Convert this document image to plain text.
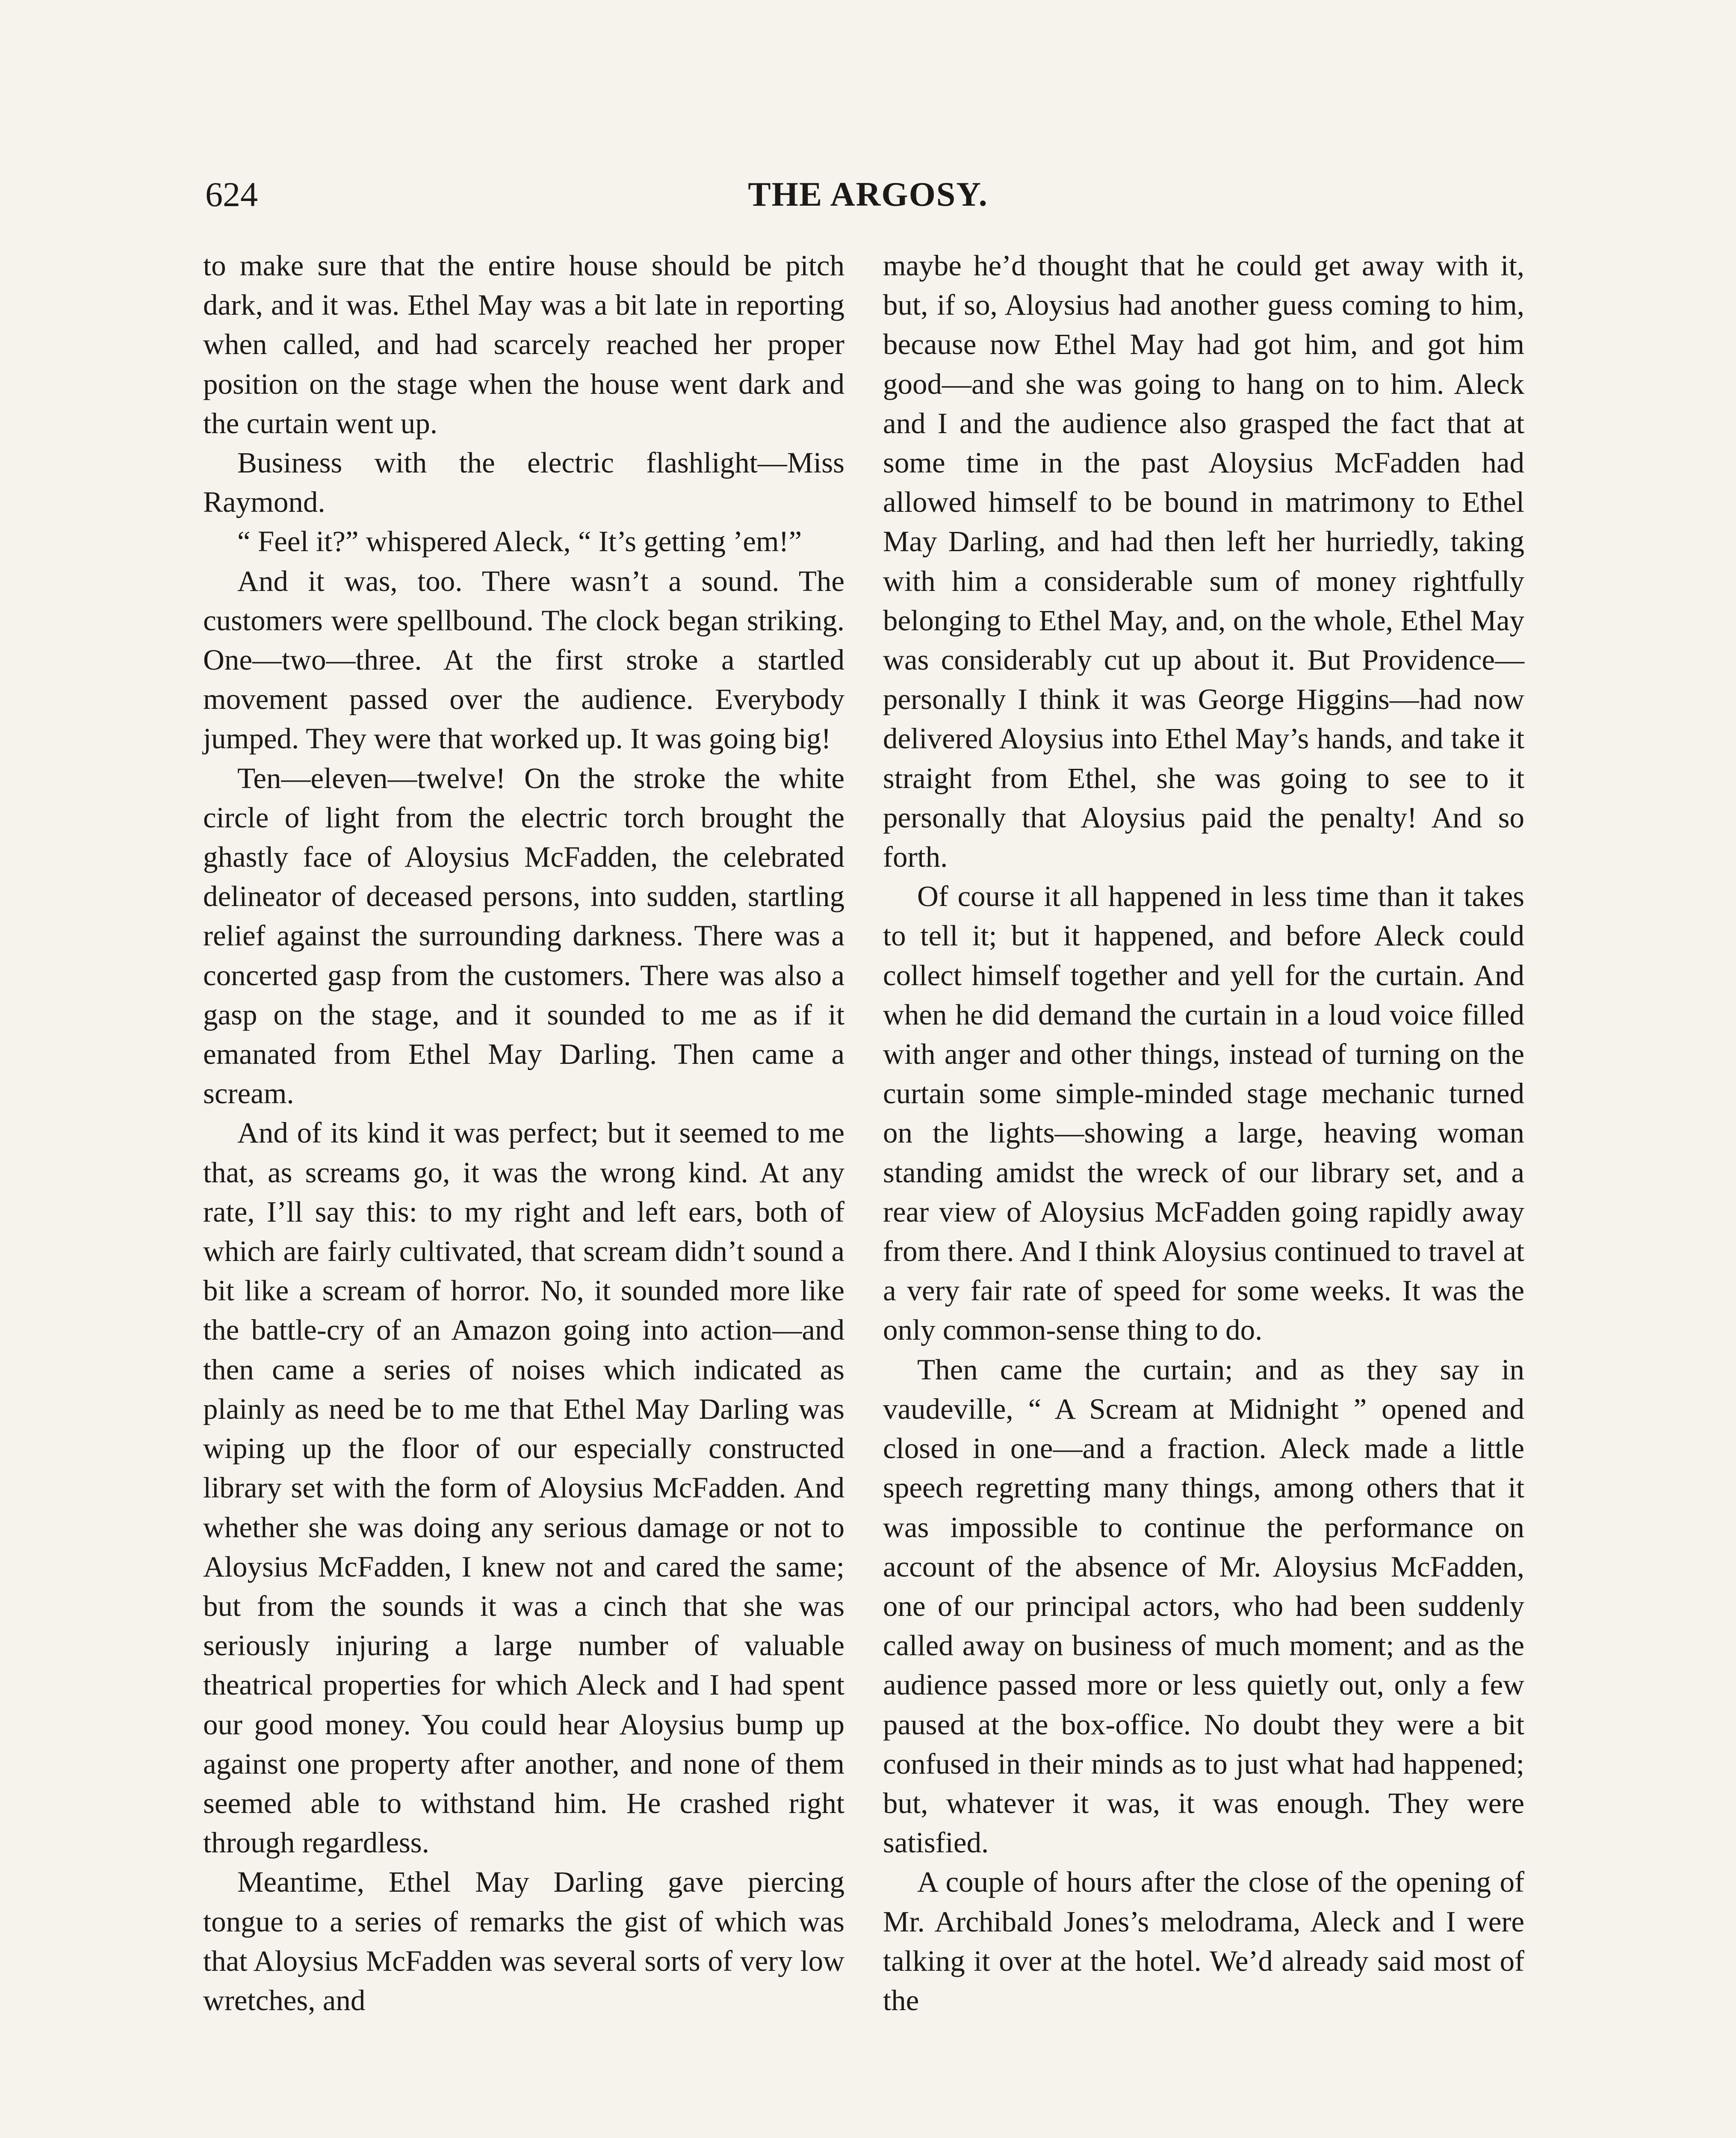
624	THE ARGOSY.

to make sure that the entire house should be pitch dark, and it was. Ethel May was a bit late in reporting when called, and had scarcely reached her proper position on the stage when the house went dark and the curtain went up.

Business with the electric flashlight—Miss Raymond.

“ Feel it?” whispered Aleck, “ It’s getting ’em!”

And it was, too. There wasn’t a sound. The customers were spellbound. The clock began striking. One—two—three. At the first stroke a startled movement passed over the audience. Everybody jumped. They were that worked up. It was going big!

Ten—eleven—twelve! On the stroke the white circle of light from the electric torch brought the ghastly face of Aloysius McFadden, the celebrated delineator of deceased persons, into sudden, startling relief against the surrounding darkness. There was a concerted gasp from the customers. There was also a gasp on the stage, and it sounded to me as if it emanated from Ethel May Darling. Then came a scream.

And of its kind it was perfect; but it seemed to me that, as screams go, it was the wrong kind. At any rate, I’ll say this: to my right and left ears, both of which are fairly cultivated, that scream didn’t sound a bit like a scream of horror. No, it sounded more like the battle-cry of an Amazon going into action—and then came a series of noises which indicated as plainly as need be to me that Ethel May Darling was wiping up the floor of our especially constructed library set with the form of Aloysius McFadden. And whether she was doing any serious damage or not to Aloysius McFadden, I knew not and cared the same; but from the sounds it was a cinch that she was seriously injuring a large number of valuable theatrical properties for which Aleck and I had spent our good money. You could hear Aloysius bump up against one property after another, and none of them seemed able to withstand him. He crashed right through regardless.

Meantime, Ethel May Darling gave piercing tongue to a series of remarks the gist of which was that Aloysius McFadden was several sorts of very low wretches, and

maybe he’d thought that he could get away with it, but, if so, Aloysius had another guess coming to him, because now Ethel May had got him, and got him good—and she was going to hang on to him. Aleck and I and the audience also grasped the fact that at some time in the past Aloysius McFadden had allowed himself to be bound in matrimony to Ethel May Darling, and had then left her hurriedly, taking with him a considerable sum of money rightfully belonging to Ethel May, and, on the whole, Ethel May was considerably cut up about it. But Providence—personally I think it was George Higgins—had now delivered Aloysius into Ethel May’s hands, and take it straight from Ethel, she was going to see to it personally that Aloysius paid the penalty! And so forth.

Of course it all happened in less time than it takes to tell it; but it happened, and before Aleck could collect himself together and yell for the curtain. And when he did demand the curtain in a loud voice filled with anger and other things, instead of turning on the curtain some simple-minded stage mechanic turned on the lights—showing a large, heaving woman standing amidst the wreck of our library set, and a rear view of Aloysius McFadden going rapidly away from there. And I think Aloysius continued to travel at a very fair rate of speed for some weeks. It was the only common-sense thing to do.

Then came the curtain; and as they say in vaudeville, “ A Scream at Midnight ” opened and closed in one—and a fraction. Aleck made a little speech regretting many things, among others that it was impossible to continue the performance on account of the absence of Mr. Aloysius McFadden, one of our principal actors, who had been suddenly called away on business of much moment; and as the audience passed more or less quietly out, only a few paused at the box-office. No doubt they were a bit confused in their minds as to just what had happened; but, whatever it was, it was enough. They were satisfied.

A couple of hours after the close of the opening of Mr. Archibald Jones’s melodrama, Aleck and I were talking it over at the hotel. We’d already said most of the
